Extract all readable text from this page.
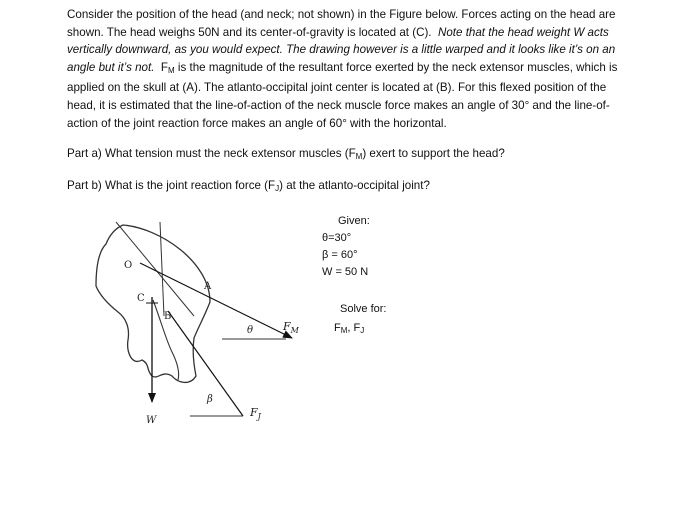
Consider the position of the head (and neck; not shown) in the Figure below. Forces acting on the head are shown. The head weighs 50N and its center-of-gravity is located at (C). Note that the head weight W acts vertically downward, as you would expect. The drawing however is a little warped and it looks like it’s on an angle but it’s not. $F_M$ is the magnitude of the resultant force exerted by the neck extensor muscles, which is applied on the skull at (A). The atlanto-occipital joint center is located at (B). For this flexed position of the head, it is estimated that the line-of-action of the neck muscle force makes an angle of 30° and the line-of-action of the joint reaction force makes an angle of 60° with the horizontal.

Part a) What tension must the neck extensor muscles $(F_M)$ exert to support the head?

Part b) What is the joint reaction force $(F_J)$ at the atlanto-occipital joint?

O
C
B
A
θ	$F_M$
β
$F_J$
W
Given:
θ=30°
β = 60°
W = 50 N
Solve for:
$F_M$, $F_J$
